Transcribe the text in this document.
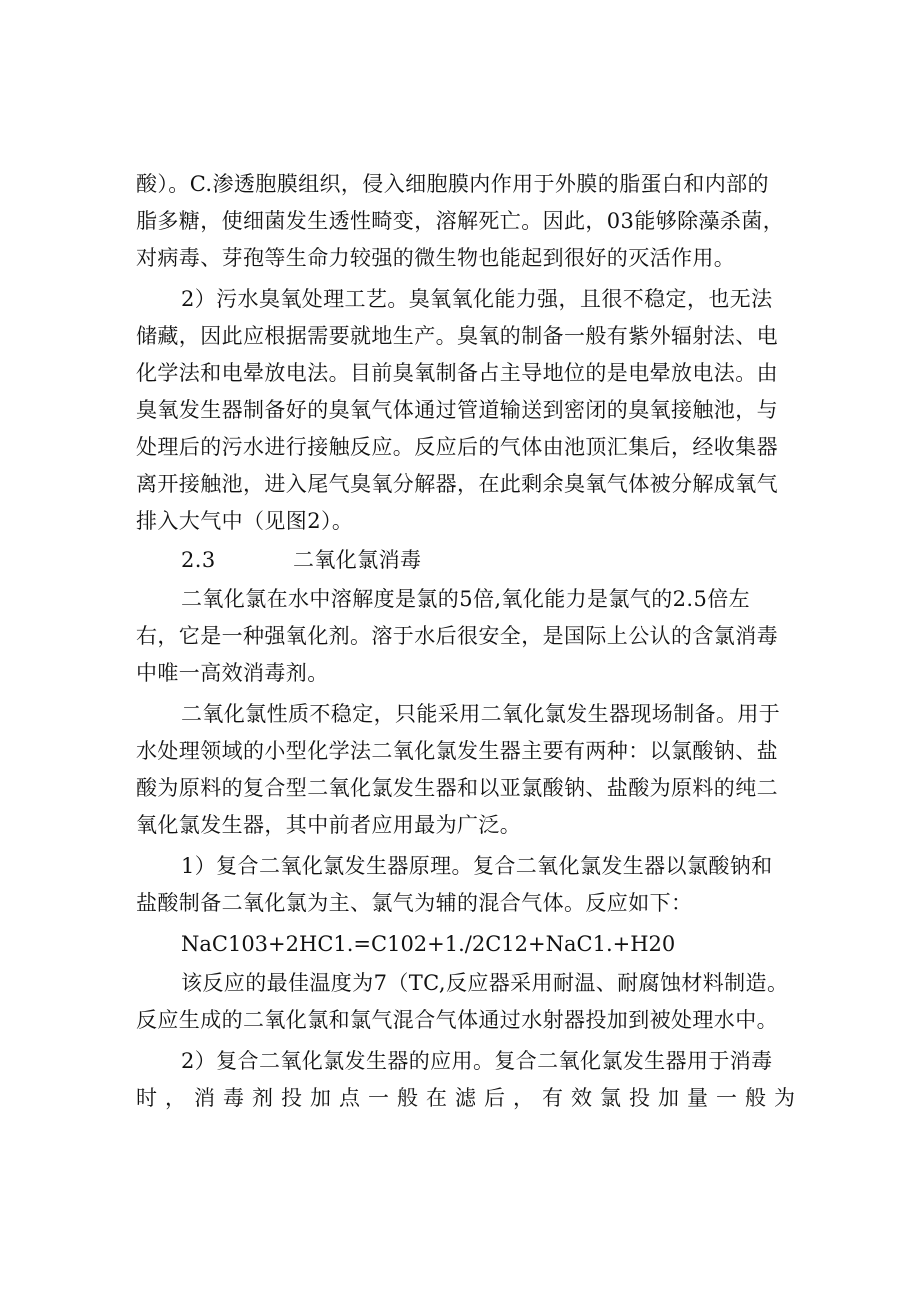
酸）。C.渗透胞膜组织，侵入细胞膜内作用于外膜的脂蛋白和内部的
脂多糖，使细菌发生透性畸变，溶解死亡。因此，03能够除藻杀菌，
对病毒、芽孢等生命力较强的微生物也能起到很好的灭活作用。
2）污水臭氧处理工艺。臭氧氧化能力强，且很不稳定，也无法
储藏，因此应根据需要就地生产。臭氧的制备一般有紫外辐射法、电
化学法和电晕放电法。目前臭氧制备占主导地位的是电晕放电法。由
臭氧发生器制备好的臭氧气体通过管道输送到密闭的臭氧接触池，与
处理后的污水进行接触反应。反应后的气体由池顶汇集后，经收集器
离开接触池，进入尾气臭氧分解器，在此剩余臭氧气体被分解成氧气
排入大气中（见图2）。
2.3	二氧化氯消毒
二氧化氯在水中溶解度是氯的5倍,氧化能力是氯气的2.5倍左
右，它是一种强氧化剂。溶于水后很安全，是国际上公认的含氯消毒
中唯一高效消毒剂。
二氧化氯性质不稳定，只能采用二氧化氯发生器现场制备。用于
水处理领域的小型化学法二氧化氯发生器主要有两种：以氯酸钠、盐
酸为原料的复合型二氧化氯发生器和以亚氯酸钠、盐酸为原料的纯二
氧化氯发生器，其中前者应用最为广泛。
1）复合二氧化氯发生器原理。复合二氧化氯发生器以氯酸钠和
盐酸制备二氧化氯为主、氯气为辅的混合气体。反应如下：
NaC103+2HC1.=C102+1./2C12+NaC1.+H20
该反应的最佳温度为7（TC,反应器采用耐温、耐腐蚀材料制造。
反应生成的二氧化氯和氯气混合气体通过水射器投加到被处理水中。
2）复合二氧化氯发生器的应用。复合二氧化氯发生器用于消毒
时，消毒剂投加点一般在滤后，有效氯投加量一般为
